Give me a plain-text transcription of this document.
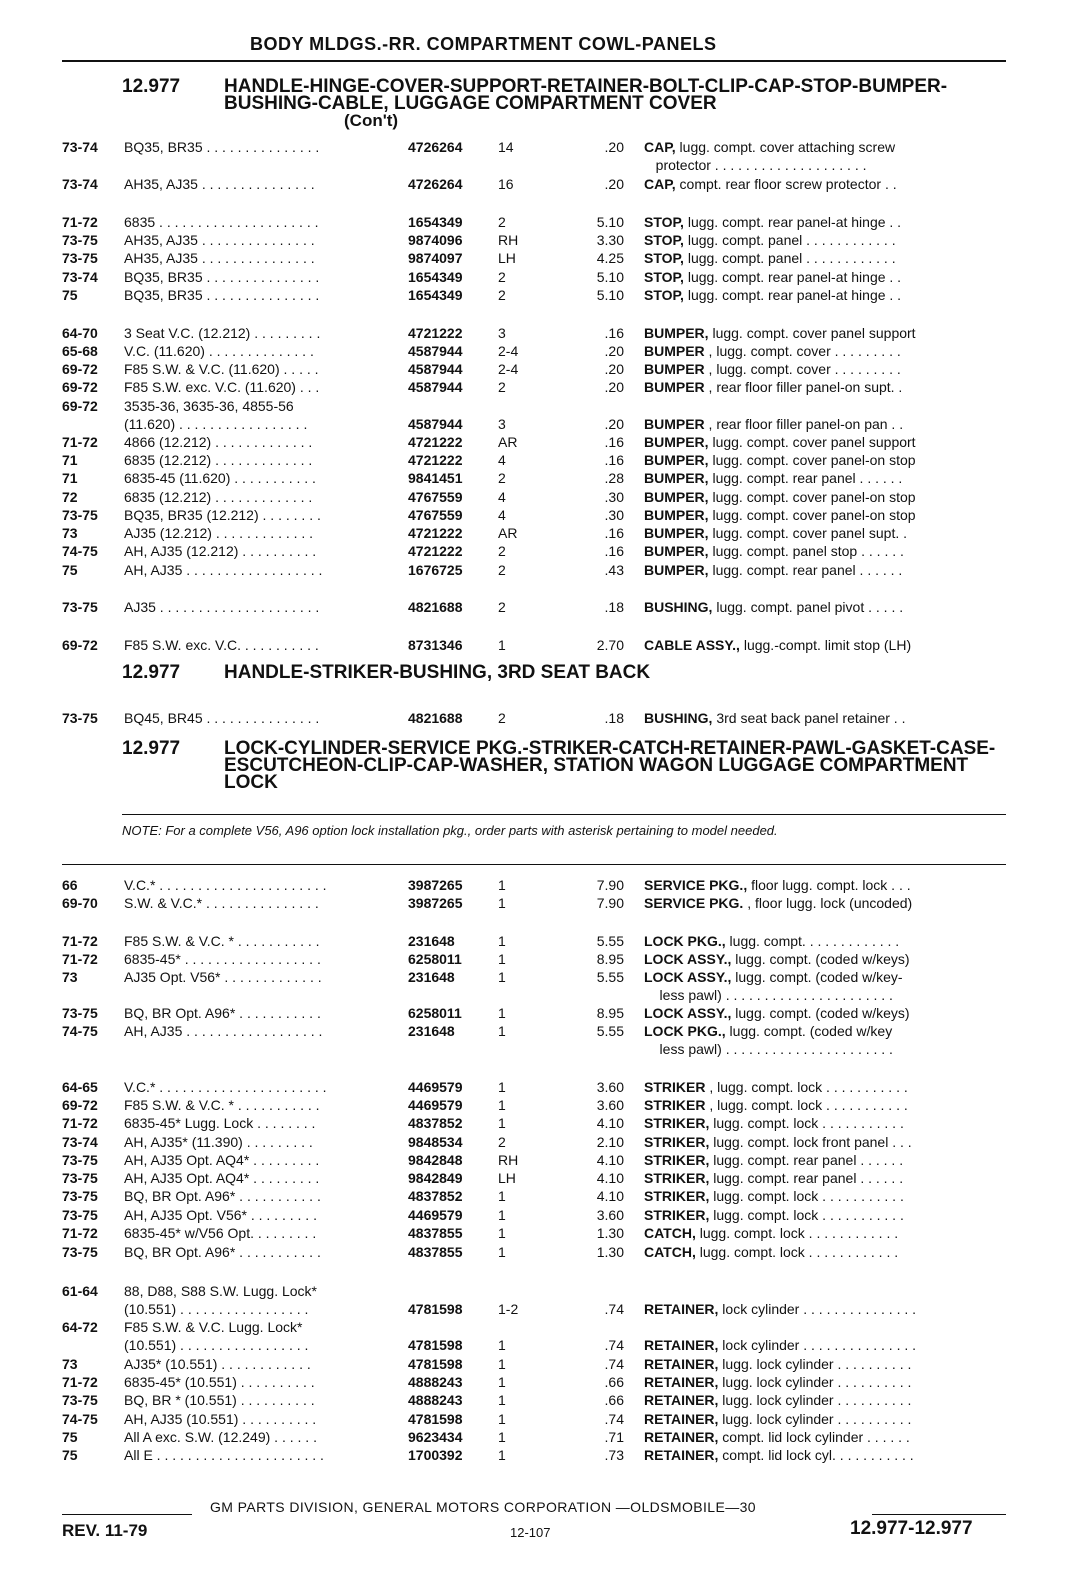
BODY MLDGS.-RR. COMPARTMENT COWL-PANELS
12.977 HANDLE-HINGE-COVER-SUPPORT-RETAINER-BOLT-CLIP-CAP-STOP-BUMPER-BUSHING-CABLE, LUGGAGE COMPARTMENT COVER
(Con't)
12.977 HANDLE-STRIKER-BUSHING, 3RD SEAT BACK
12.977 LOCK-CYLINDER-SERVICE PKG.-STRIKER-CATCH-RETAINER-PAWL-GASKET-CASE-ESCUTCHEON-CLIP-CAP-WASHER, STATION WAGON LUGGAGE COMPARTMENT LOCK
NOTE: For a complete V56, A96 option lock installation pkg., order parts with asterisk pertaining to model needed.
73-74 BQ35, BR35 . . . . . . . . . . . . . . .	4726264	14	.20 CAP, lugg. compt. cover attaching screw
protector . . . . . . . . . . . . . . . . . . . .
73-74 AH35, AJ35 . . . . . . . . . . . . . . .	4726264	16	.20 CAP, compt. rear floor screw protector . .
71-72 6835 . . . . . . . . . . . . . . . . . . . . .	1654349	2	5.10 STOP, lugg. compt. rear panel-at hinge . .
73-75 AH35, AJ35 . . . . . . . . . . . . . . .	9874096	RH	3.30 STOP, lugg. compt. panel . . . . . . . . . . . .
73-75 AH35, AJ35 . . . . . . . . . . . . . . .	9874097	LH	4.25 STOP, lugg. compt. panel . . . . . . . . . . . .
73-74 BQ35, BR35 . . . . . . . . . . . . . . .	1654349	2	5.10 STOP, lugg. compt. rear panel-at hinge . .
75	BQ35, BR35 . . . . . . . . . . . . . . .	1654349	2	5.10 STOP, lugg. compt. rear panel-at hinge . .
64-70 3 Seat V.C. (12.212) . . . . . . . . .	4721222	3	.16 BUMPER, lugg. compt. cover panel support
65-68 V.C. (11.620) . . . . . . . . . . . . . .	4587944	2-4	.20 BUMPER , lugg. compt. cover . . . . . . . . .
69-72 F85 S.W. & V.C. (11.620) . . . . .	4587944	2-4	.20 BUMPER , lugg. compt. cover . . . . . . . . .
69-72 F85 S.W. exc. V.C. (11.620) . . .	4587944	2	.20 BUMPER , rear floor filler panel-on supt. .
69-72 3535-36, 3635-36, 4855-56
(11.620) . . . . . . . . . . . . . . . . .	4587944	3	.20 BUMPER , rear floor filler panel-on pan . .
71-72 4866 (12.212) . . . . . . . . . . . . .	4721222	AR	.16 BUMPER, lugg. compt. cover panel support
71	6835 (12.212) . . . . . . . . . . . . .	4721222	4	.16 BUMPER, lugg. compt. cover panel-on stop
71	6835-45 (11.620) . . . . . . . . . . .	9841451	2	.28 BUMPER, lugg. compt. rear panel . . . . . .
72	6835 (12.212) . . . . . . . . . . . . .	4767559	4	.30 BUMPER, lugg. compt. cover panel-on stop
73-75 BQ35, BR35 (12.212) . . . . . . . .	4767559	4	.30 BUMPER, lugg. compt. cover panel-on stop
73	AJ35 (12.212) . . . . . . . . . . . . .	4721222	AR	.16 BUMPER, lugg. compt. cover panel supt. .
74-75 AH, AJ35 (12.212) . . . . . . . . . .	4721222	2	.16 BUMPER, lugg. compt. panel stop . . . . . .
75	AH, AJ35 . . . . . . . . . . . . . . . . . .	1676725	2	.43 BUMPER, lugg. compt. rear panel . . . . . .
73-75 AJ35 . . . . . . . . . . . . . . . . . . . . .	4821688	2	.18 BUSHING, lugg. compt. panel pivot . . . . .
69-72 F85 S.W. exc. V.C. . . . . . . . . . .	8731346	1	2.70 CABLE ASSY., lugg.-compt. limit stop (LH)
73-75 BQ45, BR45 . . . . . . . . . . . . . . .	4821688	2	.18 BUSHING, 3rd seat back panel retainer . .
66	V.C.* . . . . . . . . . . . . . . . . . . . . . .	3987265	1	7.90 SERVICE PKG., floor lugg. compt. lock . . .
69-70 S.W. & V.C.* . . . . . . . . . . . . . . .	3987265	1	7.90 SERVICE PKG. , floor lugg. lock (uncoded)
71-72 F85 S.W. & V.C. * . . . . . . . . . . .	231648	1	5.55 LOCK PKG., lugg. compt. . . . . . . . . . . . .
71-72 6835-45* . . . . . . . . . . . . . . . . . .	6258011	1	8.95 LOCK ASSY., lugg. compt. (coded w/keys)
73	AJ35 Opt. V56* . . . . . . . . . . . . .	231648	1	5.55 LOCK ASSY., lugg. compt. (coded w/key-
less pawl) . . . . . . . . . . . . . . . . . . . . . .
73-75 BQ, BR Opt. A96* . . . . . . . . . . .	6258011	1	8.95 LOCK ASSY., lugg. compt. (coded w/keys)
74-75 AH, AJ35 . . . . . . . . . . . . . . . . . .	231648	1	5.55 LOCK PKG., lugg. compt. (coded w/key
less pawl) . . . . . . . . . . . . . . . . . . . . . .
64-65 V.C.* . . . . . . . . . . . . . . . . . . . . . .	4469579	1	3.60 STRIKER , lugg. compt. lock . . . . . . . . . . .
69-72 F85 S.W. & V.C. * . . . . . . . . . . .	4469579	1	3.60 STRIKER , lugg. compt. lock . . . . . . . . . . .
71-72 6835-45* Lugg. Lock . . . . . . . .	4837852	1	4.10 STRIKER, lugg. compt. lock . . . . . . . . . . .
73-74 AH, AJ35* (11.390) . . . . . . . . .	9848534	2	2.10 STRIKER, lugg. compt. lock front panel . . .
73-75 AH, AJ35 Opt. AQ4* . . . . . . . . .	9842848	RH	4.10 STRIKER, lugg. compt. rear panel . . . . . .
73-75 AH, AJ35 Opt. AQ4* . . . . . . . . .	9842849	LH	4.10 STRIKER, lugg. compt. rear panel . . . . . .
73-75 BQ, BR Opt. A96* . . . . . . . . . . .	4837852	1	4.10 STRIKER, lugg. compt. lock . . . . . . . . . . .
73-75 AH, AJ35 Opt. V56* . . . . . . . . .	4469579	1	3.60 STRIKER, lugg. compt. lock . . . . . . . . . . .
71-72 6835-45* w/V56 Opt. . . . . . . . .	4837855	1	1.30 CATCH, lugg. compt. lock . . . . . . . . . . . .
73-75 BQ, BR Opt. A96* . . . . . . . . . . .	4837855	1	1.30 CATCH, lugg. compt. lock . . . . . . . . . . . .
61-64 88, D88, S88 S.W. Lugg. Lock*
(10.551) . . . . . . . . . . . . . . . . .	4781598	1-2	.74 RETAINER, lock cylinder . . . . . . . . . . . . . . .
64-72 F85 S.W. & V.C. Lugg. Lock*
(10.551) . . . . . . . . . . . . . . . . .	4781598	1	.74 RETAINER, lock cylinder . . . . . . . . . . . . . . .
73	AJ35* (10.551) . . . . . . . . . . . .	4781598	1	.74 RETAINER, lugg. lock cylinder . . . . . . . . . .
71-72 6835-45* (10.551) . . . . . . . . . .	4888243	1	.66 RETAINER, lugg. lock cylinder . . . . . . . . . .
73-75 BQ, BR * (10.551) . . . . . . . . . .	4888243	1	.66 RETAINER, lugg. lock cylinder . . . . . . . . . .
74-75 AH, AJ35 (10.551) . . . . . . . . . .	4781598	1	.74 RETAINER, lugg. lock cylinder . . . . . . . . . .
75	All A exc. S.W. (12.249) . . . . . .	9623434	1	.71 RETAINER, compt. lid lock cylinder . . . . . .
75	All E . . . . . . . . . . . . . . . . . . . . . .	1700392	1	.73 RETAINER, compt. lid lock cyl. . . . . . . . . . .
GM PARTS DIVISION, GENERAL MOTORS CORPORATION —OLDSMOBILE—30
REV. 11-79	12-107	12.977-12.977
